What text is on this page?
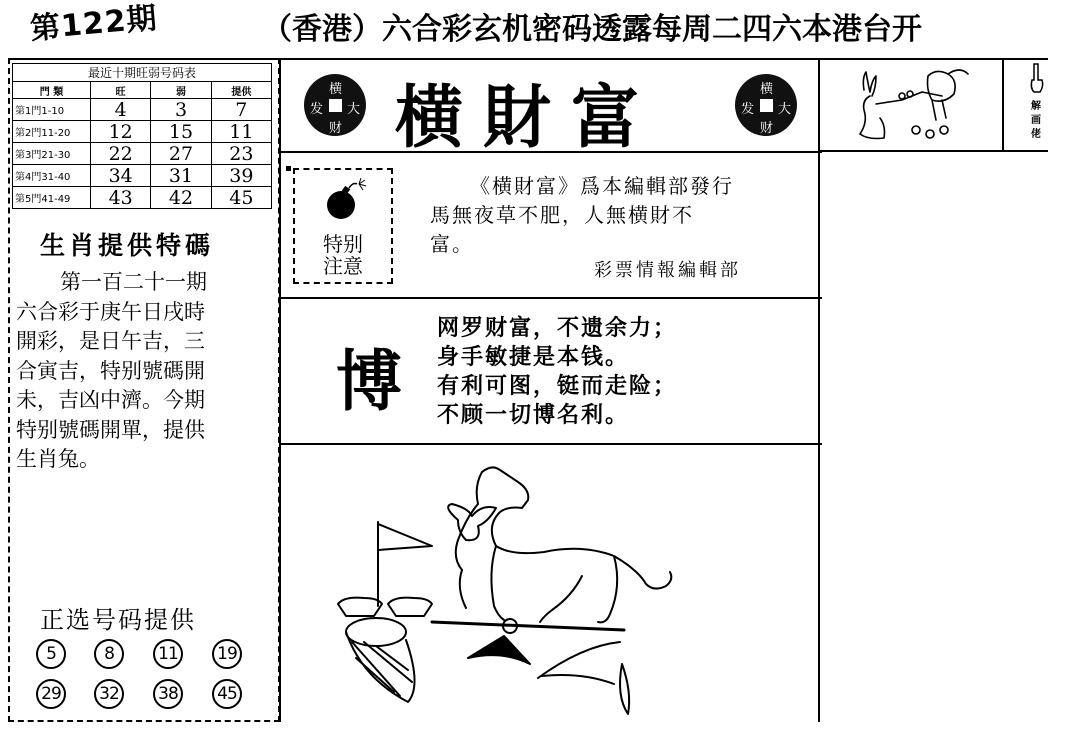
第122期	（香港）六合彩玄机密码透露每周二四六本港台开
最近十期旺弱号码表			
門 類	旺	弱	提供
第1門1-10	4	3	7
第2門11-20	12	15	11
第3門21-30	22	27	23
第4門31-40	34	31	39
第5門41-49	43	42	45
生肖提供特碼
第一百二十一期
六合彩于庚午日戌時
開彩，是日午吉，三
合寅吉，特别號碼開
未，吉凶中濟。今期
特别號碼開單，提供
生肖兔。
正选号码提供
5	8	11	19
29	32	38	45
横
发 大
财 横財富	横
发 大
财
特别
注意
《横財富》爲本編輯部發行
馬無夜草不肥，人無横財不
富。
彩票情報編輯部
博
网罗财富，不遗余力；
身手敏捷是本钱。
有利可图，铤而走险；
不顾一切博名利。
解
画
佬
